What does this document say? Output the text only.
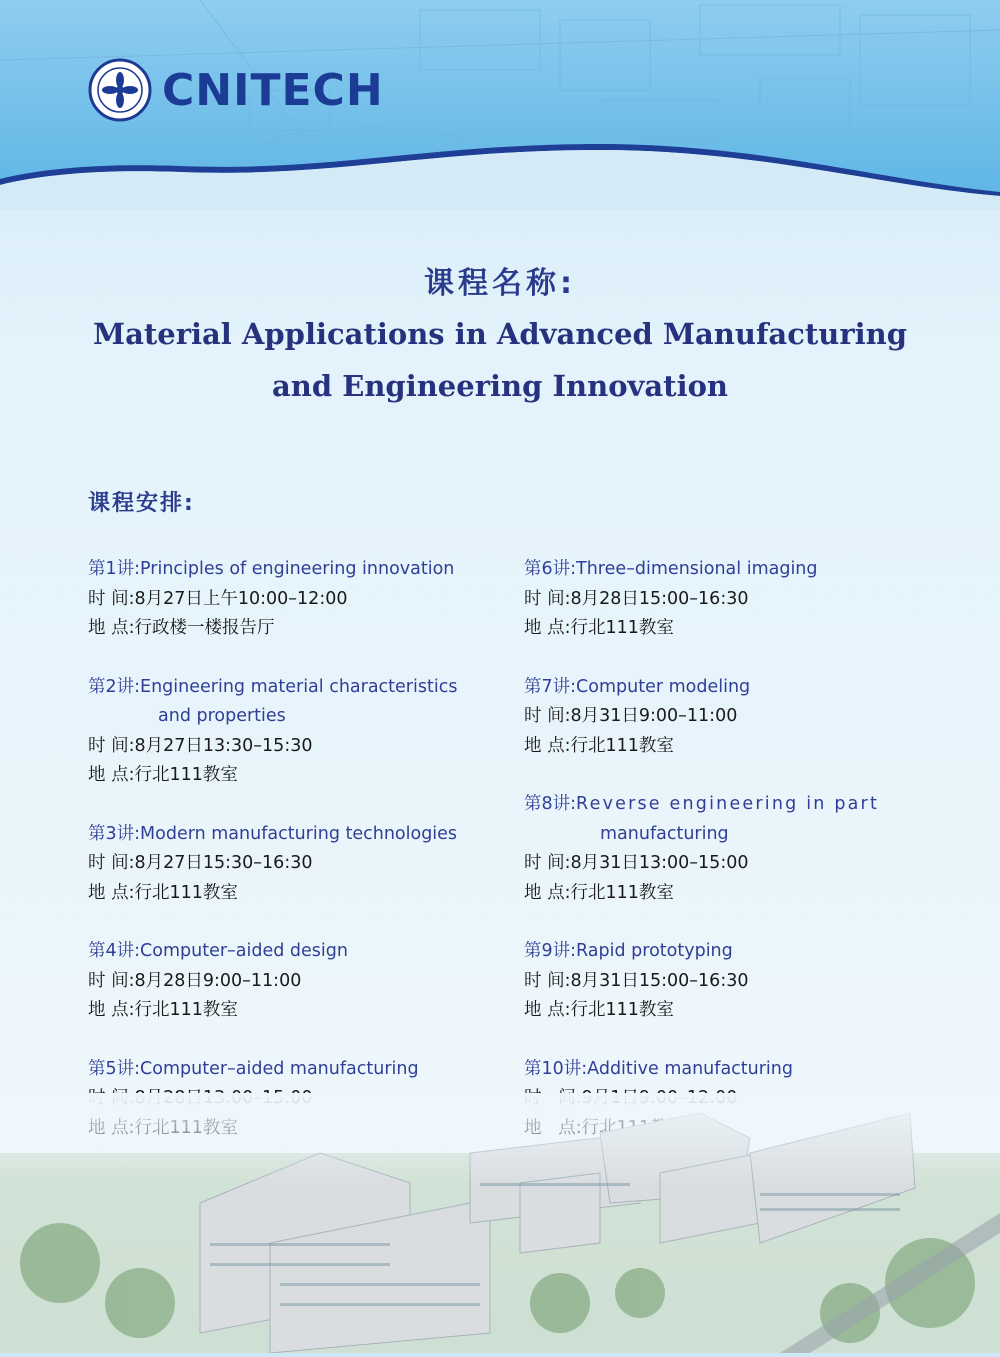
CNITECH
课程名称:
Material Applications in Advanced Manufacturing
and Engineering Innovation
课程安排:
第1讲:Principles of engineering innovation
时 间:8月27日上午10:00–12:00
地 点:行政楼一楼报告厅
第2讲:Engineering material characteristics
and properties
时 间:8月27日13:30–15:30
地 点:行北111教室
第3讲:Modern manufacturing technologies
时 间:8月27日15:30–16:30
地 点:行北111教室
第4讲:Computer–aided design
时 间:8月28日9:00–11:00
地 点:行北111教室
第5讲:Computer–aided manufacturing
第6讲:Three–dimensional imaging
时 间:8月28日15:00–16:30
地 点:行北111教室
第7讲:Computer modeling
时 间:8月31日9:00–11:00
地 点:行北111教室
第8讲:Reverse engineering in part
manufacturing
时 间:8月31日13:00–15:00
地 点:行北111教室
第9讲:Rapid prototyping
时 间:8月31日15:00–16:30
地 点:行北111教室
第10讲:Additive manufacturing
